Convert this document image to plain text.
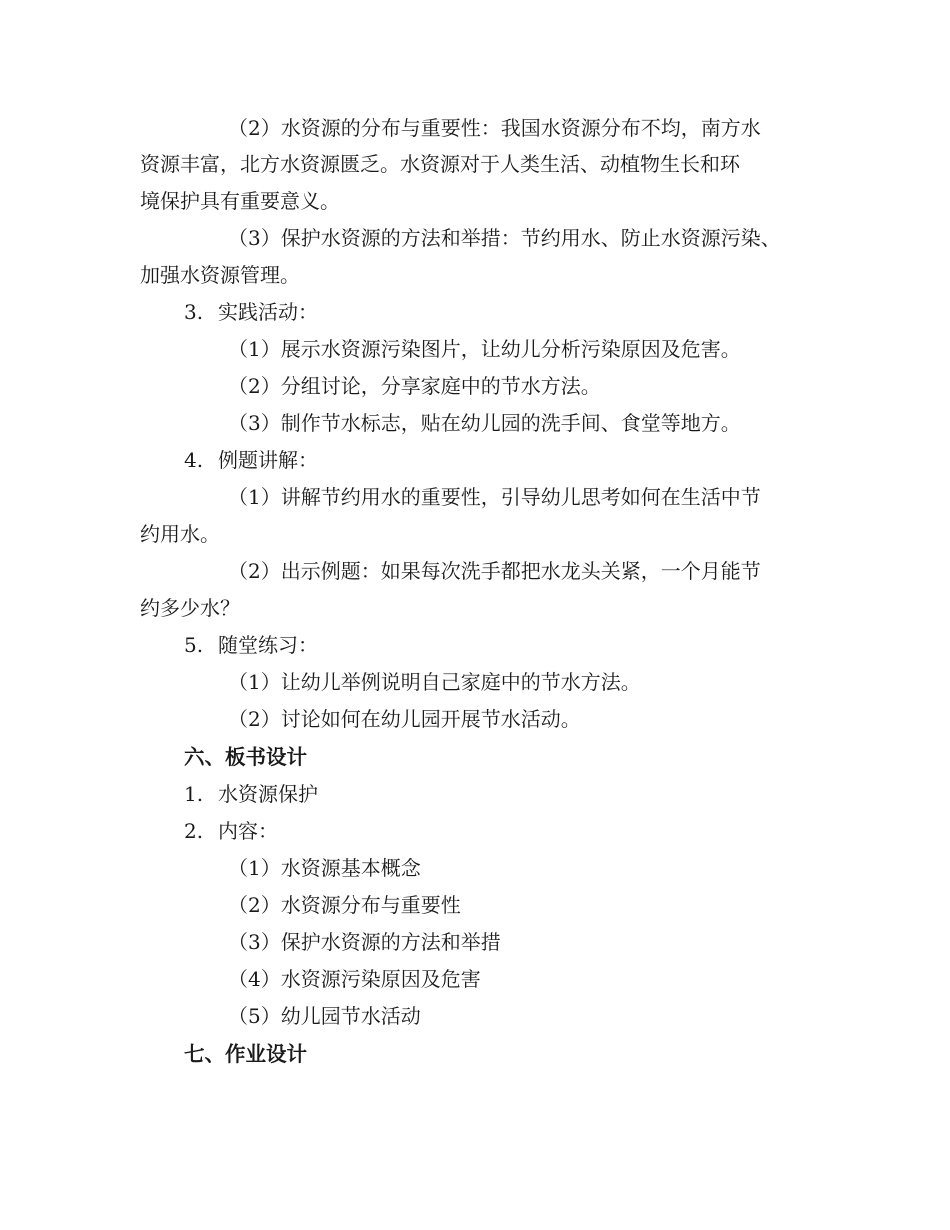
（2）水资源的分布与重要性：我国水资源分布不均，南方水
资源丰富，北方水资源匮乏。水资源对于人类生活、动植物生长和环
境保护具有重要意义。
（3）保护水资源的方法和举措：节约用水、防止水资源污染、
加强水资源管理。
3. 实践活动：
（1）展示水资源污染图片，让幼儿分析污染原因及危害。
（2）分组讨论，分享家庭中的节水方法。
（3）制作节水标志，贴在幼儿园的洗手间、食堂等地方。
4. 例题讲解：
（1）讲解节约用水的重要性，引导幼儿思考如何在生活中节
约用水。
（2）出示例题：如果每次洗手都把水龙头关紧，一个月能节
约多少水？
5. 随堂练习：
（1）让幼儿举例说明自己家庭中的节水方法。
（2）讨论如何在幼儿园开展节水活动。
六、板书设计
1. 水资源保护
2. 内容：
（1）水资源基本概念
（2）水资源分布与重要性
（3）保护水资源的方法和举措
（4）水资源污染原因及危害
（5）幼儿园节水活动
七、作业设计
